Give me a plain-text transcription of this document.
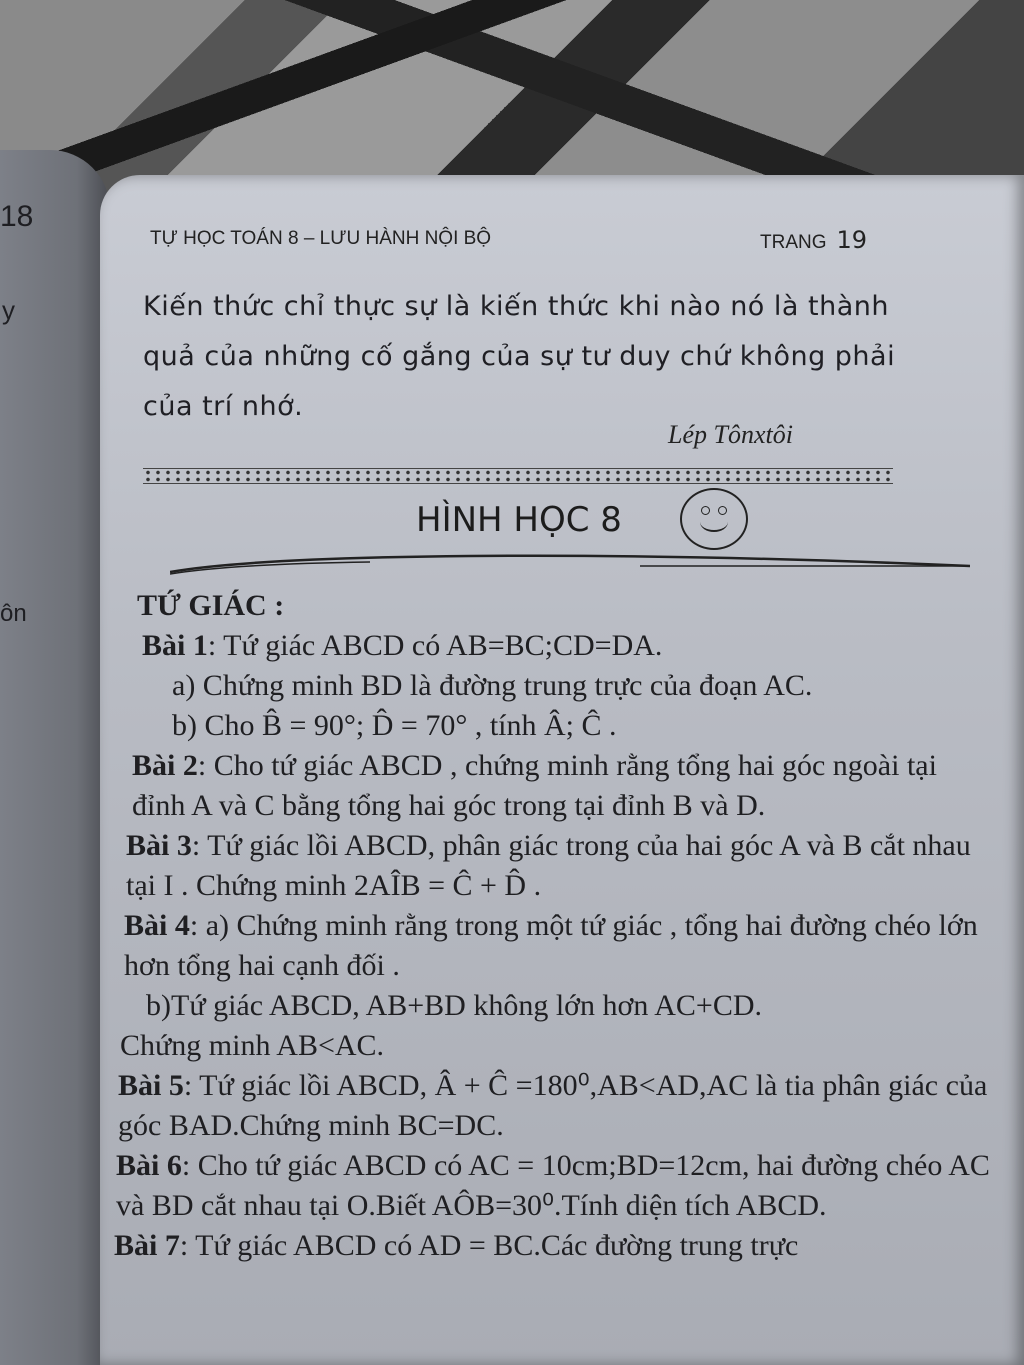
18
y
ôn
TỰ HỌC TOÁN 8 – LƯU HÀNH NỘI BỘ	TRANG 19
Kiến thức chỉ thực sự là kiến thức khi nào nó là thành quả của những cố gắng của sự tư duy chứ không phải của trí nhớ.
Lép Tônxtôi
HÌNH HỌC 8

TỨ GIÁC :

Bài 1: Tứ giác ABCD có AB=BC;CD=DA.

a) Chứng minh BD là đường trung trực của đoạn AC.

b) Cho B̂ = 90°; D̂ = 70° , tính Â; Ĉ .

Bài 2: Cho tứ giác ABCD , chứng minh rằng tổng hai góc ngoài tại đỉnh A và C bằng tổng hai góc trong tại đỉnh B và D.

Bài 3: Tứ giác lồi ABCD, phân giác trong của hai góc A và B cắt nhau tại I . Chứng minh 2AÎB = Ĉ + D̂ .

Bài 4: a) Chứng minh rằng trong một tứ giác , tổng hai đường chéo lớn hơn tổng hai cạnh đối .

b)Tứ giác ABCD, AB+BD không lớn hơn AC+CD.

Chứng minh AB<AC.

Bài 5: Tứ giác lồi ABCD, Â + Ĉ =180⁰,AB<AD,AC là tia phân giác của góc BAD.Chứng minh BC=DC.

Bài 6: Cho tứ giác ABCD có AC = 10cm;BD=12cm, hai đường chéo AC và BD cắt nhau tại O.Biết AÔB=30⁰.Tính diện tích ABCD.

Bài 7: Tứ giác ABCD có AD = BC.Các đường trung trực
